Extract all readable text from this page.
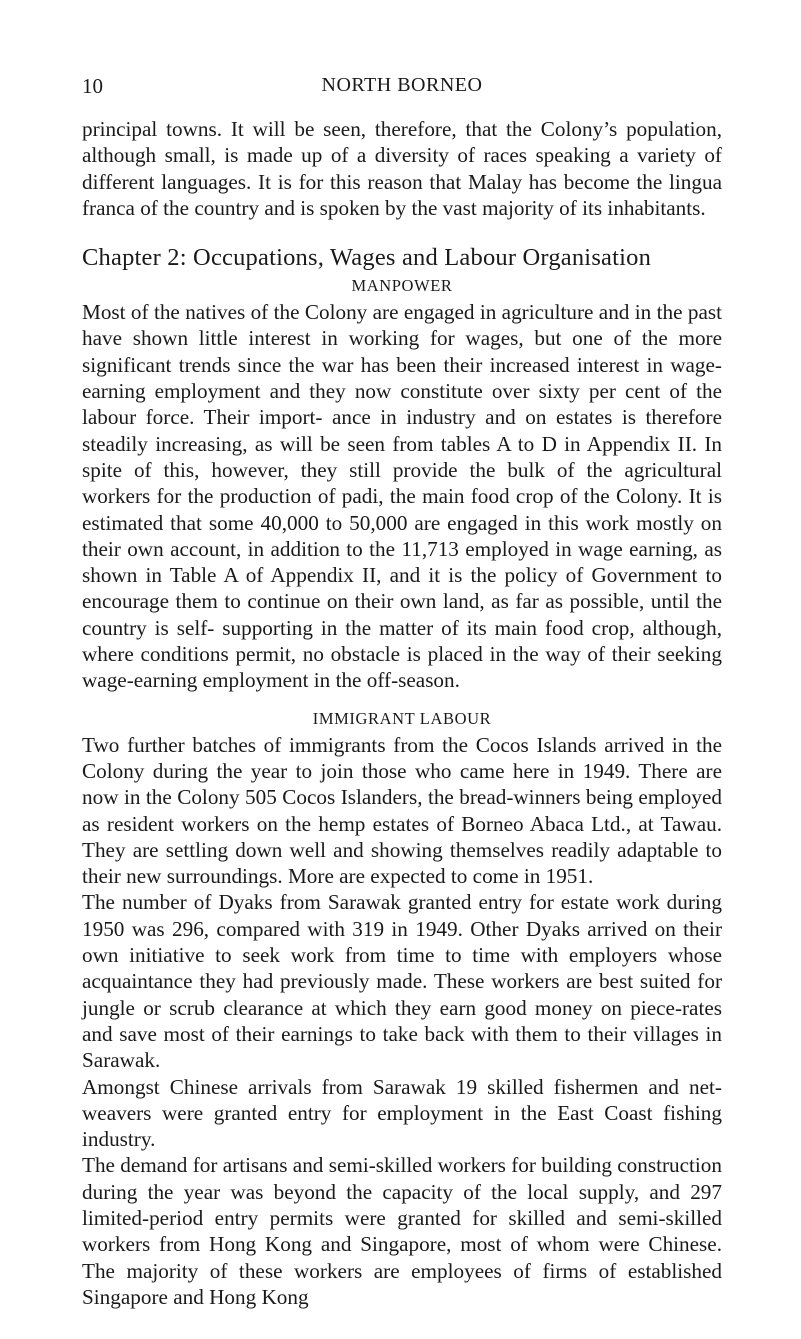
10	NORTH BORNEO

principal towns. It will be seen, therefore, that the Colony’s population, although small, is made up of a diversity of races speaking a variety of different languages. It is for this reason that Malay has become the lingua franca of the country and is spoken by the vast majority of its inhabitants.

Chapter 2: Occupations, Wages and Labour Organisation
MANPOWER

Most of the natives of the Colony are engaged in agriculture and in the past have shown little interest in working for wages, but one of the more significant trends since the war has been their increased interest in wage-earning employment and they now constitute over sixty per cent of the labour force. Their import- ance in industry and on estates is therefore steadily increasing, as will be seen from tables A to D in Appendix II. In spite of this, however, they still provide the bulk of the agricultural workers for the production of padi, the main food crop of the Colony. It is estimated that some 40,000 to 50,000 are engaged in this work mostly on their own account, in addition to the 11,713 employed in wage earning, as shown in Table A of Appendix II, and it is the policy of Government to encourage them to continue on their own land, as far as possible, until the country is self- supporting in the matter of its main food crop, although, where conditions permit, no obstacle is placed in the way of their seeking wage-earning employment in the off-season.

IMMIGRANT LABOUR

Two further batches of immigrants from the Cocos Islands arrived in the Colony during the year to join those who came here in 1949. There are now in the Colony 505 Cocos Islanders, the bread-winners being employed as resident workers on the hemp estates of Borneo Abaca Ltd., at Tawau. They are settling down well and showing themselves readily adaptable to their new surroundings. More are expected to come in 1951.

The number of Dyaks from Sarawak granted entry for estate work during 1950 was 296, compared with 319 in 1949. Other Dyaks arrived on their own initiative to seek work from time to time with employers whose acquaintance they had previously made. These workers are best suited for jungle or scrub clearance at which they earn good money on piece-rates and save most of their earnings to take back with them to their villages in Sarawak.

Amongst Chinese arrivals from Sarawak 19 skilled fishermen and net-weavers were granted entry for employment in the East Coast fishing industry.

The demand for artisans and semi-skilled workers for building construction during the year was beyond the capacity of the local supply, and 297 limited-period entry permits were granted for skilled and semi-skilled workers from Hong Kong and Singapore, most of whom were Chinese. The majority of these workers are employees of firms of established Singapore and Hong Kong
